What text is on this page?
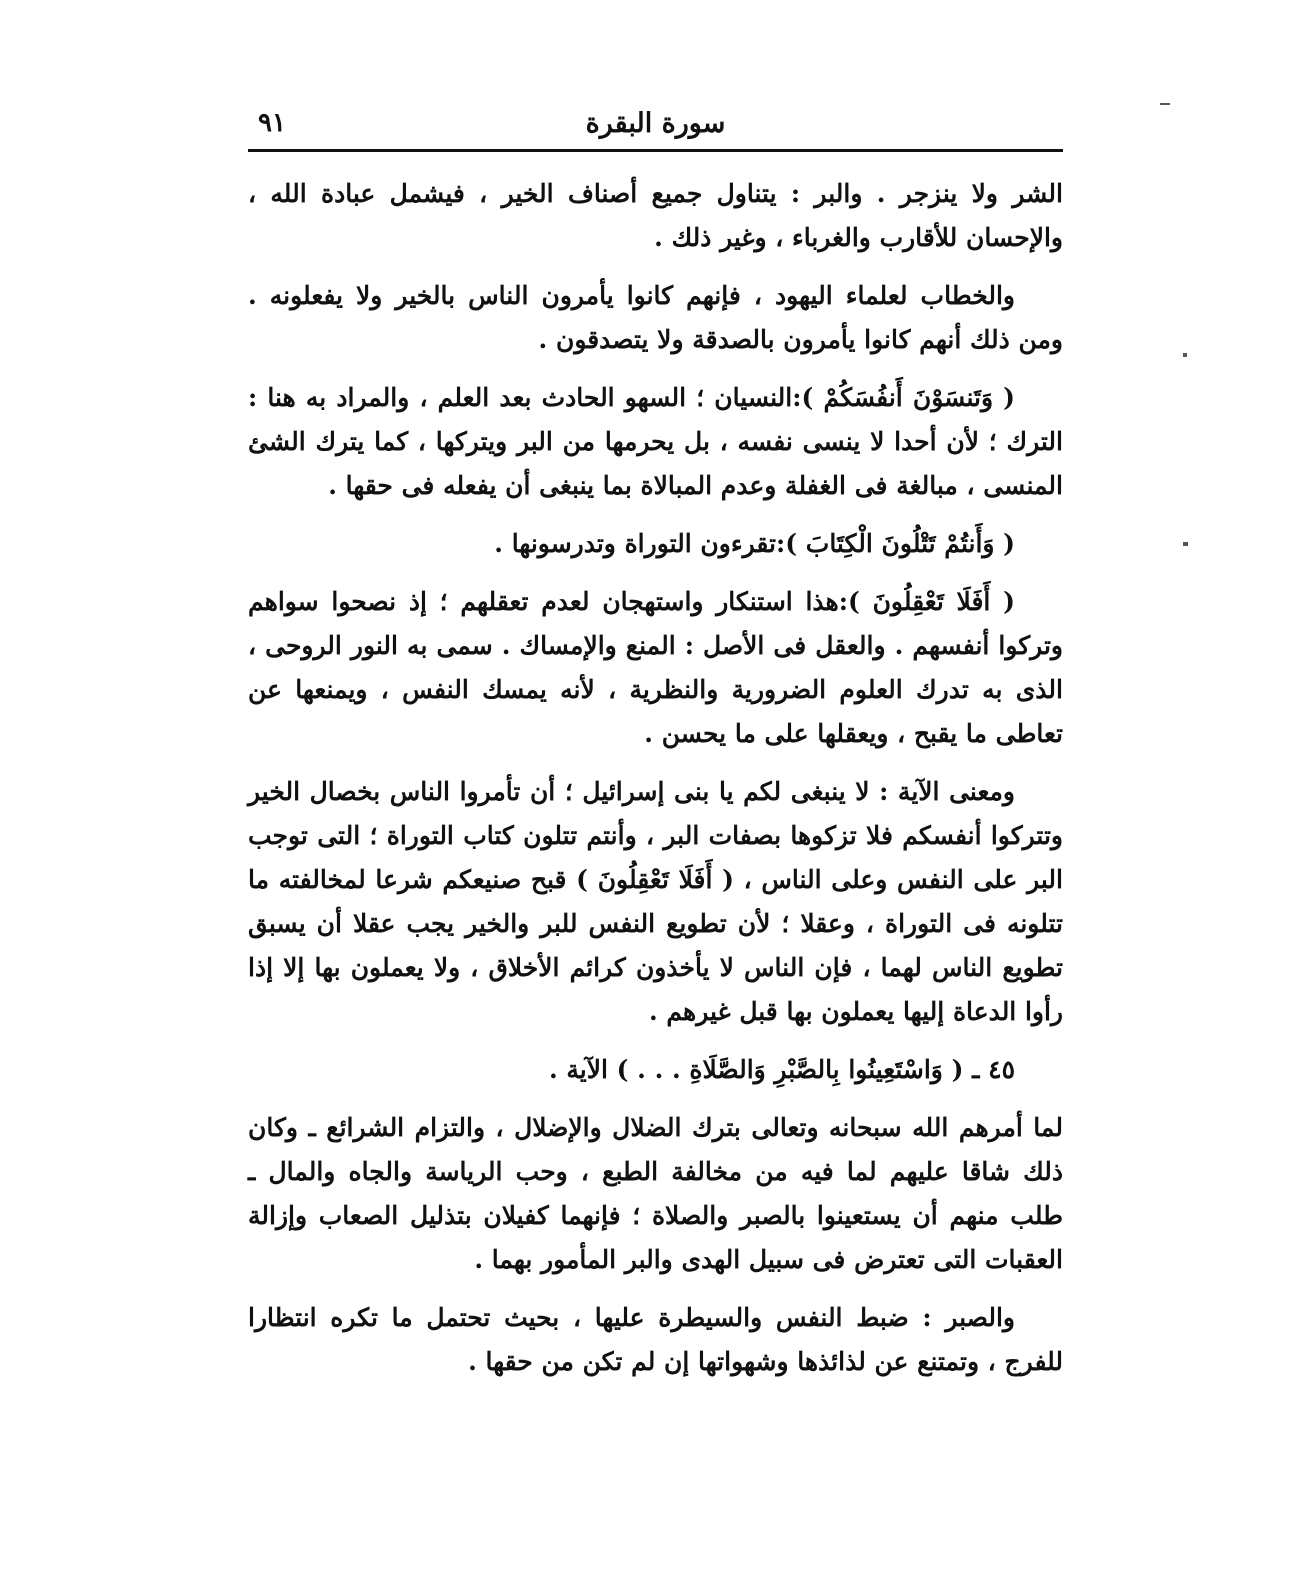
٩١	سورة البقرة

الشر ولا ينزجر . والبر : يتناول جميع أصناف الخير ، فيشمل عبادة الله ، والإحسان للأقارب والغرباء ، وغير ذلك .

والخطاب لعلماء اليهود ، فإنهم كانوا يأمرون الناس بالخير ولا يفعلونه . ومن ذلك أنهم كانوا يأمرون بالصدقة ولا يتصدقون .

( وَتَنسَوْنَ أَنفُسَكُمْ ):النسيان ؛ السهو الحادث بعد العلم ، والمراد به هنا : الترك ؛ لأن أحدا لا ينسى نفسه ، بل يحرمها من البر ويتركها ، كما يترك الشئ المنسى ، مبالغة فى الغفلة وعدم المبالاة بما ينبغى أن يفعله فى حقها .

( وَأَنتُمْ تَتْلُونَ الْكِتَابَ ):تقرءون التوراة وتدرسونها .

( أَفَلَا تَعْقِلُونَ ):هذا استنكار واستهجان لعدم تعقلهم ؛ إذ نصحوا سواهم وتركوا أنفسهم . والعقل فى الأصل : المنع والإمساك . سمى به النور الروحى ، الذى به تدرك العلوم الضرورية والنظرية ، لأنه يمسك النفس ، ويمنعها عن تعاطى ما يقبح ، ويعقلها على ما يحسن .

ومعنى الآية : لا ينبغى لكم يا بنى إسرائيل ؛ أن تأمروا الناس بخصال الخير وتتركوا أنفسكم فلا تزكوها بصفات البر ، وأنتم تتلون كتاب التوراة ؛ التى توجب البر على النفس وعلى الناس ، ( أَفَلَا تَعْقِلُونَ ) قبح صنيعكم شرعا لمخالفته ما تتلونه فى التوراة ، وعقلا ؛ لأن تطويع النفس للبر والخير يجب عقلا أن يسبق تطويع الناس لهما ، فإن الناس لا يأخذون كرائم الأخلاق ، ولا يعملون بها إلا إذا رأوا الدعاة إليها يعملون بها قبل غيرهم .

٤٥ ـ ( وَاسْتَعِينُوا بِالصَّبْرِ وَالصَّلَاةِ . . . ) الآية .

لما أمرهم الله سبحانه وتعالى بترك الضلال والإضلال ، والتزام الشرائع ـ وكان ذلك شاقا عليهم لما فيه من مخالفة الطبع ، وحب الرياسة والجاه والمال ـ طلب منهم أن يستعينوا بالصبر والصلاة ؛ فإنهما كفيلان بتذليل الصعاب وإزالة العقبات التى تعترض فى سبيل الهدى والبر المأمور بهما .

والصبر : ضبط النفس والسيطرة عليها ، بحيث تحتمل ما تكره انتظارا للفرج ، وتمتنع عن لذائذها وشهواتها إن لم تكن من حقها .
